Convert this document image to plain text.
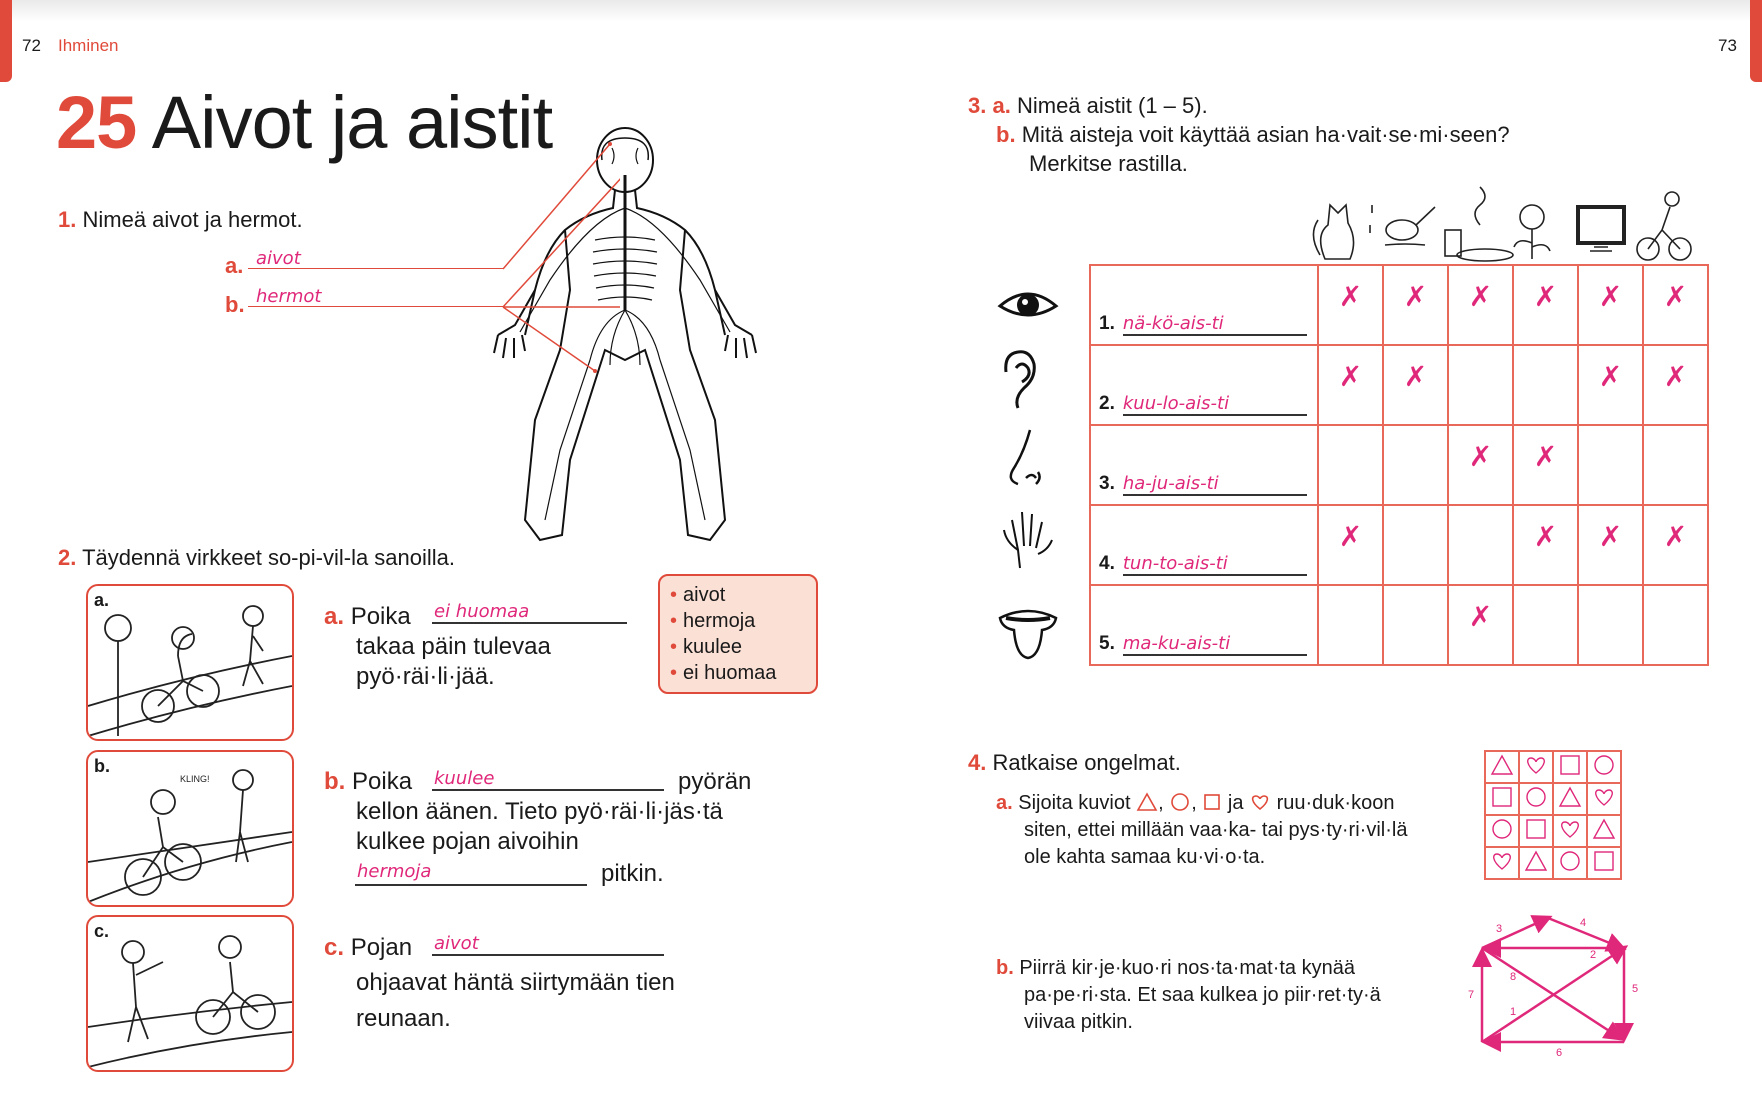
72 Ihminen	73
25 Aivot ja aistit
1. Nimeä aivot ja hermot.
a. aivot
b. hermot
2. Täydennä virkkeet so-pi-vil-la sanoilla.
a.
b.
KLING!
c.
• aivot
• hermoja
• kuulee
• ei huomaa
a. Poika ei huomaa
takaa päin tulevaa
pyö·räi·li·jää.
b. Poika kuulee	pyörän
kellon äänen. Tieto pyö·räi·li·jäs·tä
kulkee pojan aivoihin
hermoja	pitkin.
c. Pojan aivot
ohjaavat häntä siirtymään tien
reunaan.
3. a. Nimeä aistit (1 – 5).
b. Mitä aisteja voit käyttää asian ha·vait·se·mi·seen?
Merkitse rastilla.
1. nä-kö-ais-ti	✗	✗	✗	✗	✗	✗
2. kuu-lo-ais-ti	✗	✗			✗	✗
3. ha-ju-ais-ti			✗	✗		
4. tun-to-ais-ti	✗			✗	✗	✗
5. ma-ku-ais-ti			✗			
4. Ratkaise ongelmat.
a. Sijoita kuviot , ,  ja ruu·duk·koon
siten, ettei millään vaa·ka- tai pys·ty·ri·vil·lä
ole kahta samaa ku·vi·o·ta.

b. Piirrä kir·je·kuo·ri nos·ta·mat·ta kynää
pa·pe·ri·sta. Et saa kulkea jo piir·ret·ty·ä
viivaa pitkin.	1
2
3	4
5
6
7
8
